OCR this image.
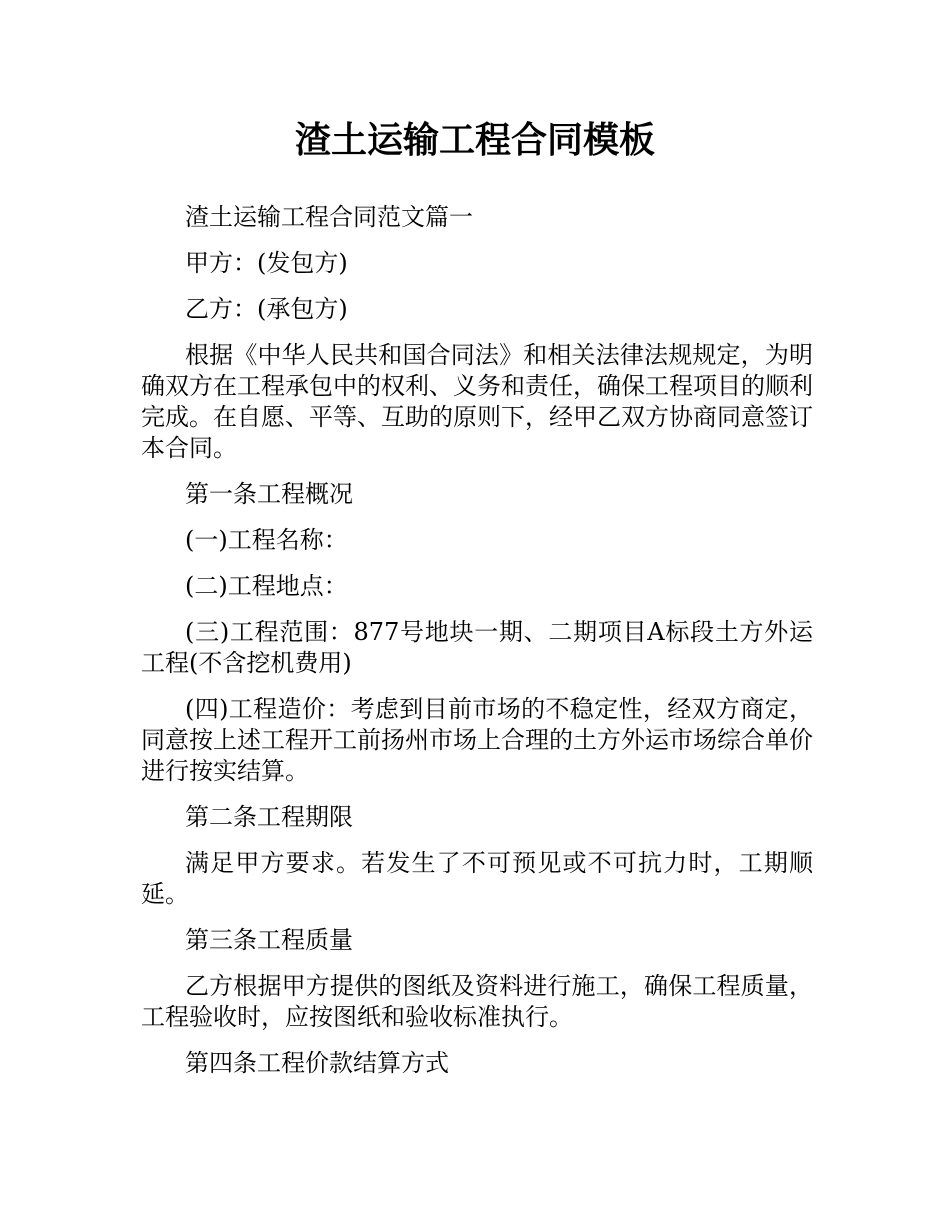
渣土运输工程合同模板

渣土运输工程合同范文篇一

甲方：(发包方)

乙方：(承包方)

根据《中华人民共和国合同法》和相关法律法规规定，为明确双方在工程承包中的权利、义务和责任，确保工程项目的顺利完成。在自愿、平等、互助的原则下，经甲乙双方协商同意签订本合同。

第一条工程概况

(一)工程名称：

(二)工程地点：

(三)工程范围：877号地块一期、二期项目A标段土方外运工程(不含挖机费用)

(四)工程造价：考虑到目前市场的不稳定性，经双方商定，同意按上述工程开工前扬州市场上合理的土方外运市场综合单价进行按实结算。

第二条工程期限

满足甲方要求。若发生了不可预见或不可抗力时，工期顺延。

第三条工程质量

乙方根据甲方提供的图纸及资料进行施工，确保工程质量，工程验收时，应按图纸和验收标准执行。

第四条工程价款结算方式
